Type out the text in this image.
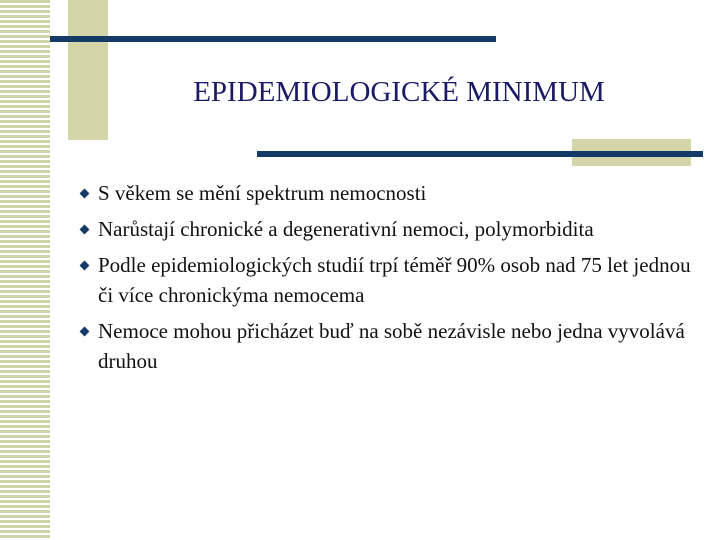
EPIDEMIOLOGICKÉ MINIMUM
S věkem se mění spektrum nemocnosti
Narůstají chronické a degenerativní nemoci, polymorbidita
Podle epidemiologických studií trpí téměř 90% osob nad 75 let jednou či více chronickýma nemocema
Nemoce mohou přicházet buď na sobě nezávisle nebo jedna vyvolává druhou
